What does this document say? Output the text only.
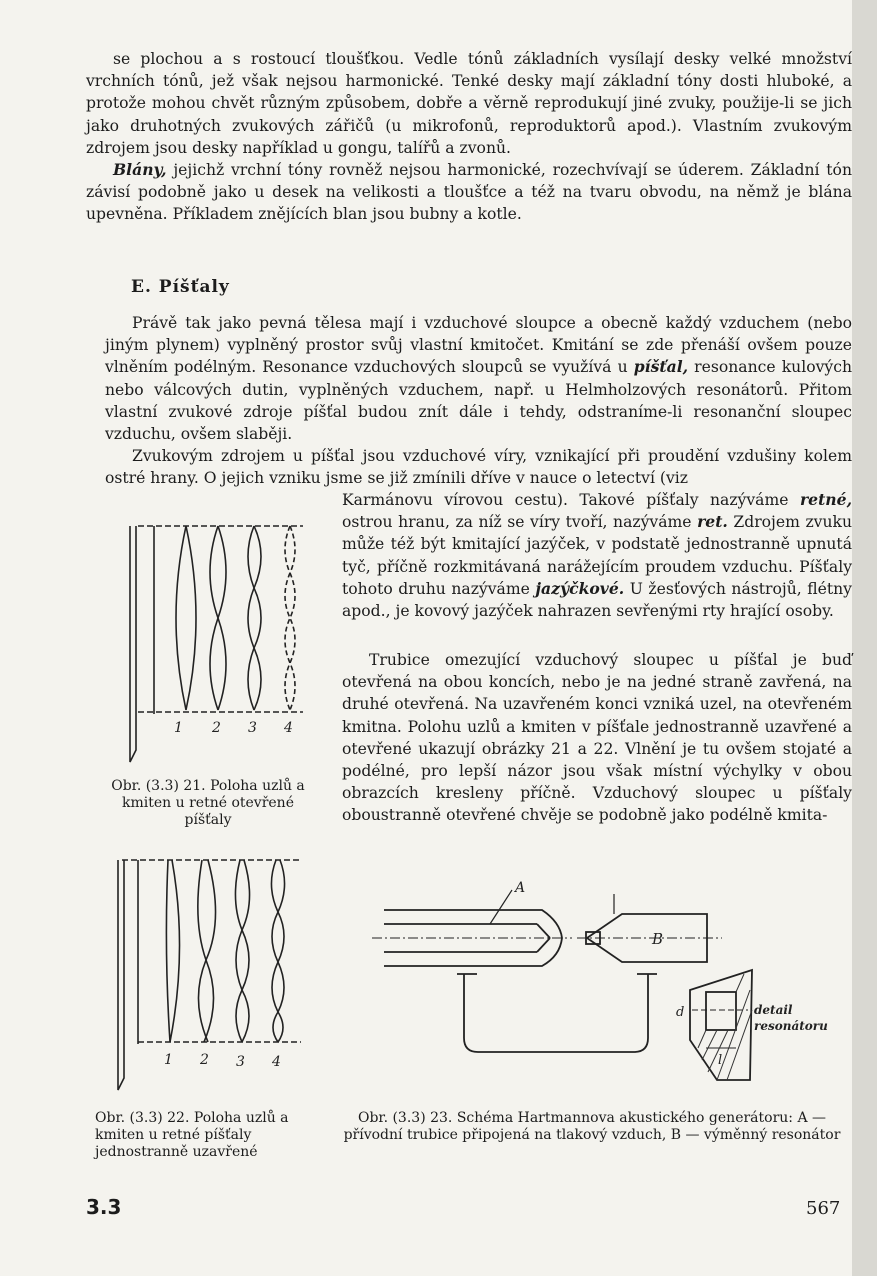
se plochou a s rostoucí tloušťkou. Vedle tónů základních vysílají desky velké množství vrchních tónů, jež však nejsou harmonické. Tenké desky mají základní tóny dosti hluboké, a protože mohou chvět různým způsobem, dobře a věrně reprodukují jiné zvuky, použije-li se jich jako druhotných zvukových zářičů (u mikrofonů, reproduktorů apod.). Vlastním zvukovým zdrojem jsou desky například u gongu, talířů a zvonů.
Blány, jejichž vrchní tóny rovněž nejsou harmonické, rozechvívají se úderem. Základní tón závisí podobně jako u desek na velikosti a tloušťce a též na tvaru obvodu, na němž je blána upevněna. Příkladem znějících blan jsou bubny a kotle.

E. Píšťaly

Právě tak jako pevná tělesa mají i vzduchové sloupce a obecně každý vzduchem (nebo jiným plynem) vyplněný prostor svůj vlastní kmitočet. Kmitání se zde přenáší ovšem pouze vlněním podélným. Resonance vzduchových sloupců se využívá u píšťal, resonance kulových nebo válcových dutin, vyplněných vzduchem, např. u Helmholzových resonátorů. Přitom vlastní zvukové zdroje píšťal budou znít dále i tehdy, odstraníme-li resonanční sloupec vzduchu, ovšem slaběji.

Zvukovým zdrojem u píšťal jsou vzduchové víry, vznikající při proudění vzdušiny kolem ostré hrany. O jejich vzniku jsme se již zmínili dříve v nauce o letectví (viz

Karmánovu vírovou cestu). Takové píšťaly nazýváme retné, ostrou hranu, za níž se víry tvoří, nazýváme ret. Zdrojem zvuku může též být kmitající jazýček, v podstatě jednostranně upnutá tyč, příčně rozkmitávaná narážejícím proudem vzduchu. Píšťaly tohoto druhu nazýváme jazýčkové. U žesťových nástrojů, flétny apod., je kovový jazýček nahrazen sevřenými rty hrající osoby.

Trubice omezující vzduchový sloupec u píšťal je buď otevřená na obou koncích, nebo je na jedné straně zavřená, na druhé otevřená. Na uzavřeném konci vzniká uzel, na otevřeném kmitna. Polohu uzlů a kmiten v píšťale jednostranně uzavřené a otevřené ukazují obrázky 21 a 22. Vlnění je tu ovšem stojaté a podélné, pro lepší názor jsou však místní výchylky v obou obrazcích kresleny příčně. Vzduchový sloupec u píšťaly oboustranně otevřené chvěje se podobně jako podélně kmita-

1 2 3 4

Obr. (3.3) 21. Poloha uzlů a kmiten u retné otevřené píšťaly

1 2 3 4

Obr. (3.3) 22. Poloha uzlů a kmiten u retné píšťaly jednostranně uzavřené

A
B
d
l
detail
resonátoru

Obr. (3.3) 23. Schéma Hartmannova akustického generátoru: A — přívodní trubice připojená na tlakový vzduch, B — výměnný resonátor

3.3	567
